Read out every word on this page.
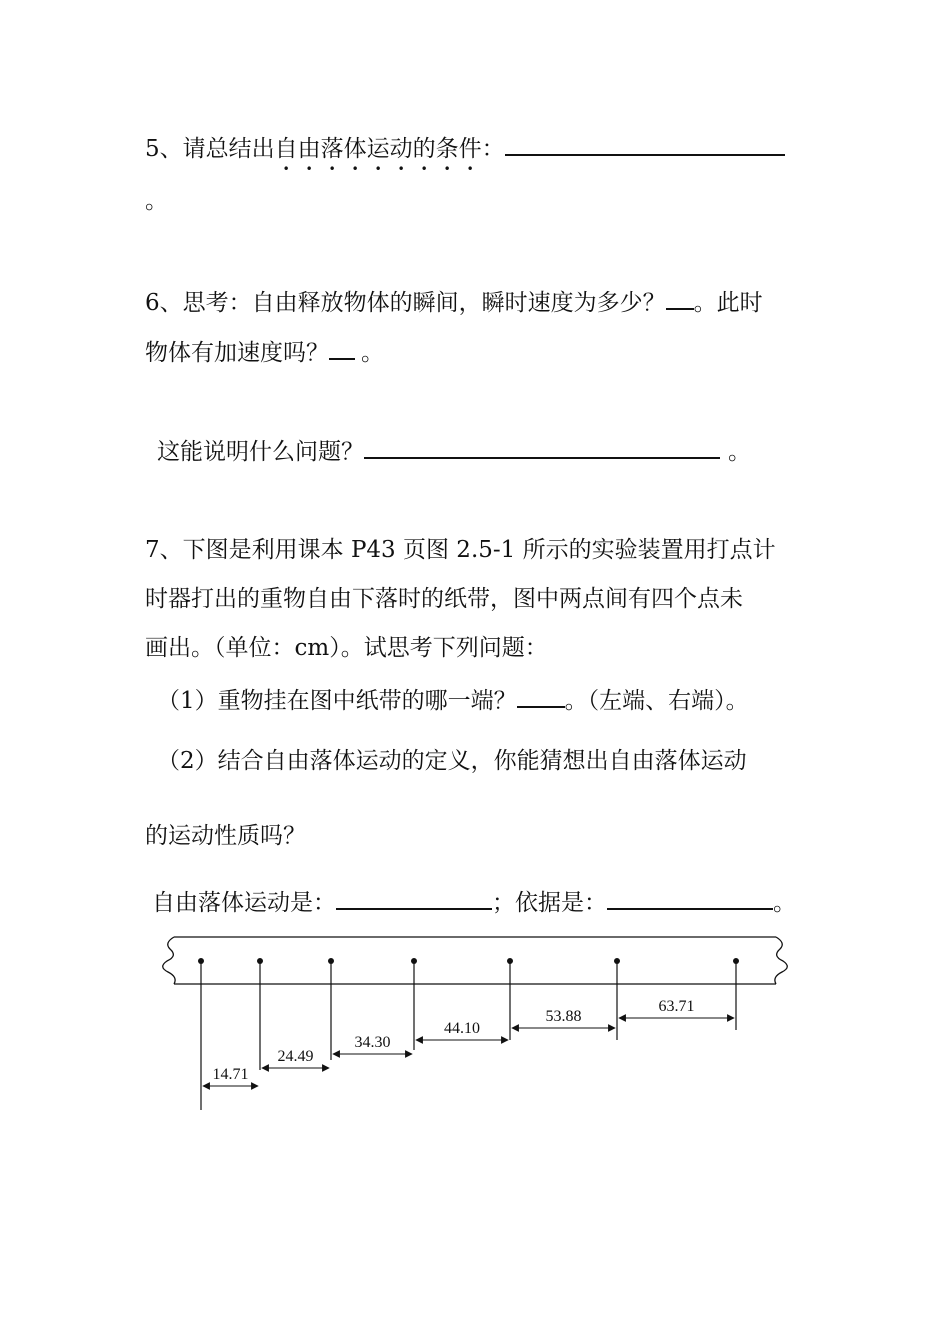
5、请总结出自由落体运动的条件：
。
6、思考：自由释放物体的瞬间，瞬时速度为多少？ 。此时
物体有加速度吗？ 。
这能说明什么问题？	。
7、下图是利用课本 P43 页图 2.5-1 所示的实验装置用打点计
时器打出的重物自由下落时的纸带，图中两点间有四个点未
画出。（单位：cm）。试思考下列问题：
（1）重物挂在图中纸带的哪一端？ 。（左端、右端）。
（2）结合自由落体运动的定义，你能猜想出自由落体运动
的运动性质吗？
自由落体运动是：	；依据是：	。
14.71
24.49
34.30
44.10
53.88
63.71
